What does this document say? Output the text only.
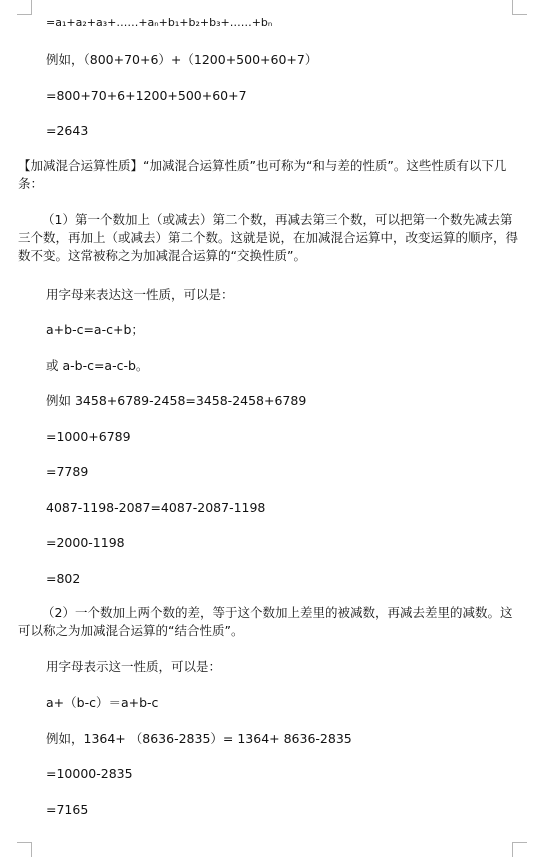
=a₁+a₂+a₃+……+aₙ+b₁+b₂+b₃+……+bₙ
例如，（800+70+6）+（1200+500+60+7）
=800+70+6+1200+500+60+7
=2643
【加减混合运算性质】“加减混合运算性质”也可称为“和与差的性质”。这些性质有以下几条：
（1）第一个数加上（或减去）第二个数，再减去第三个数，可以把第一个数先减去第三个数，再加上（或减去）第二个数。这就是说，在加减混合运算中，改变运算的顺序，得数不变。这常被称之为加减混合运算的“交换性质”。
用字母来表达这一性质，可以是：
a+b-c=a-c+b；
或 a-b-c=a-c-b。
例如 3458+6789-2458=3458-2458+6789
=1000+6789
=7789
4087-1198-2087=4087-2087-1198
=2000-1198
=802
（2）一个数加上两个数的差，等于这个数加上差里的被减数，再减去差里的减数。这可以称之为加减混合运算的“结合性质”。
用字母表示这一性质，可以是：
a+（b-c）＝a+b-c
例如，1364+ （8636-2835）= 1364+ 8636-2835
=10000-2835
=7165
